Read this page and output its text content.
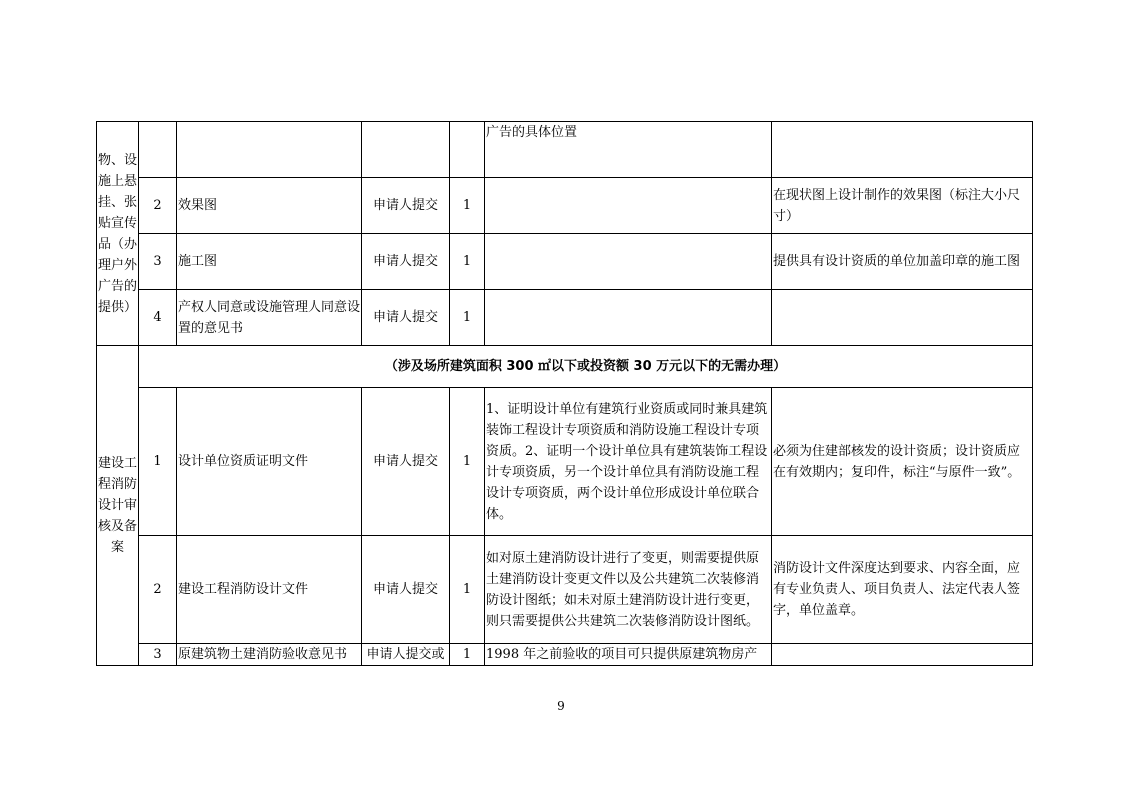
物、设施上悬挂、张贴宣传品（办理户外广告的提供）					广告的具体位置	
	2	效果图	申请人提交	1		在现状图上设计制作的效果图（标注大小尺寸）
	3	施工图	申请人提交	1		提供具有设计资质的单位加盖印章的施工图
	4	产权人同意或设施管理人同意设置的意见书	申请人提交	1		
建设工程消防设计审核及备案	（涉及场所建筑面积 300 ㎡以下或投资额 30 万元以下的无需办理）					
	1	设计单位资质证明文件	申请人提交	1	1、证明设计单位有建筑行业资质或同时兼具建筑装饰工程设计专项资质和消防设施工程设计专项资质。2、证明一个设计单位具有建筑装饰工程设计专项资质，另一个设计单位具有消防设施工程设计专项资质，两个设计单位形成设计单位联合体。	必须为住建部核发的设计资质；设计资质应在有效期内；复印件，标注“与原件一致”。
	2	建设工程消防设计文件	申请人提交	1	如对原土建消防设计进行了变更，则需要提供原土建消防设计变更文件以及公共建筑二次装修消防设计图纸；如未对原土建消防设计进行变更，则只需要提供公共建筑二次装修消防设计图纸。	消防设计文件深度达到要求、内容全面，应有专业负责人、项目负责人、法定代表人签字，单位盖章。
	3	原建筑物土建消防验收意见书	申请人提交或	1	1998 年之前验收的项目可只提供原建筑物房产	
9
